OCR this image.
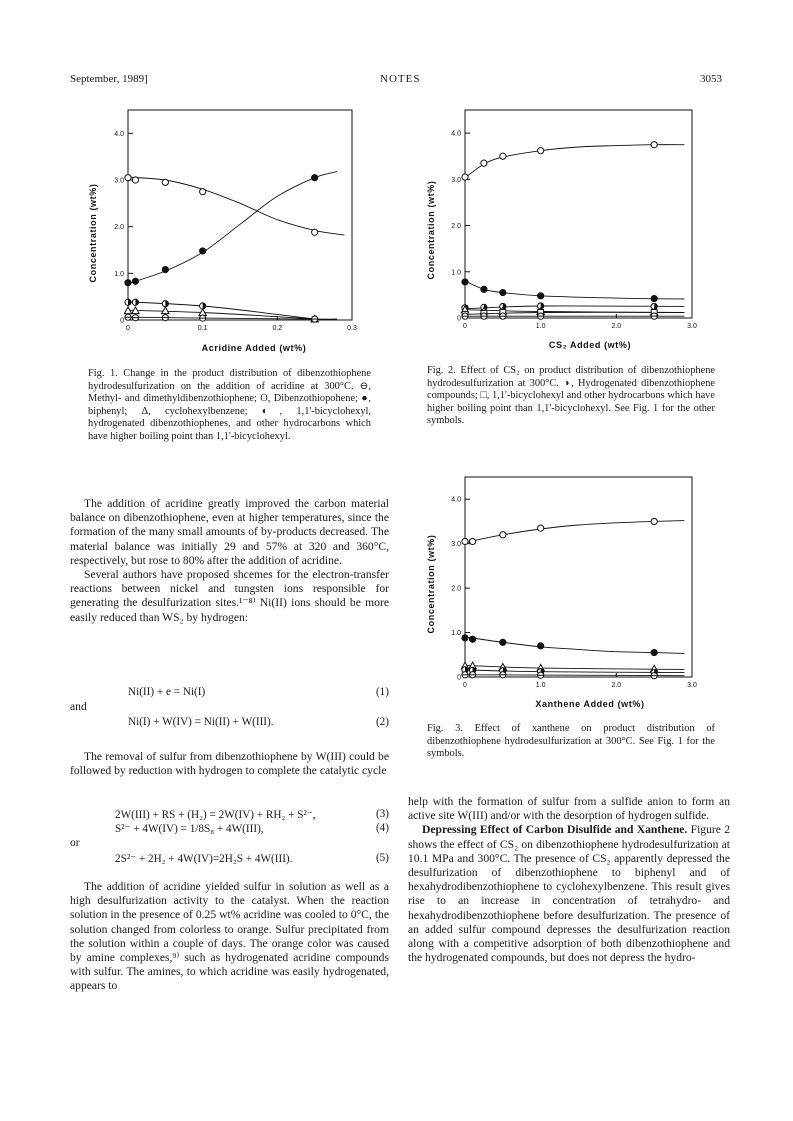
September, 1989]	NOTES	3053
0
1.0
2.0
3.0
4.0
0	0.1	0.2	0.3
Acridine Added (wt%)
Concentration (wt%)
Fig. 1. Change in the product distribution of dibenzothiophene hydrodesulfurization on the addition of acridine at 300°C. ⊖, Methyl- and dimethyldibenzothiophene; O, Dibenzothiopohene; ●, biphenyl; Δ, cyclohexylbenzene; ◐, 1,1'-bicyclohexyl, hydrogenated dibenzothiophenes, and other hydrocarbons which have higher boiling point than 1,1'-bicyclohexyl.
0
1.0
2.0
3.0
4.0
0	1.0	2.0	3.0
CS₂ Added (wt%)
Concentration (wt%)
Fig. 2. Effect of CS₂ on product distribution of dibenzothiophene hydrodesulfurization at 300°C. ◑, Hydrogenated dibenzothiophene compounds; □, 1,1'-bicyclohexyl and other hydrocarbons which have higher boiling point than 1,1'-bicyclohexyl. See Fig. 1 for the other symbols.
0
1.0
2.0
3.0
4.0
0	1.0	2.0	3.0
Xanthene Added (wt%)
Concentration (wt%)
Fig. 3. Effect of xanthene on product distribution of dibenzothiophene hydrodesulfurization at 300°C. See Fig. 1 for the symbols.

The addition of acridine greatly improved the carbon material balance on dibenzothiophene, even at higher temperatures, since the formation of the many small amounts of by-products decreased. The material balance was initially 29 and 57% at 320 and 360°C, respectively, but rose to 80% after the addition of acridine.

Several authors have proposed shcemes for the electron-transfer reactions between nickel and tungsten ions responsible for generating the desulfurization sites.¹⁻⁸⁾ Ni(II) ions should be more easily reduced than WS₂ by hydrogen:

Ni(II) + e = Ni(I)	(1)
and
Ni(I) + W(IV) = Ni(II) + W(III).	(2)

The removal of sulfur from dibenzothiophene by W(III) could be followed by reduction with hydrogen to complete the catalytic cycle

2W(III) + RS + (H₂) = 2W(IV) + RH₂ + S²⁻,	(3)
S²⁻ + 4W(IV) = 1/8S₈ + 4W(III),	(4)
or
2S²⁻ + 2H₂ + 4W(IV)=2H₂S + 4W(III).	(5)

The addition of acridine yielded sulfur in solution as well as a high desulfurization activity to the catalyst. When the reaction solution in the presence of 0.25 wt% acridine was cooled to 0°C, the solution changed from colorless to orange. Sulfur precipitated from the solution within a couple of days. The orange color was caused by amine complexes,⁹⁾ such as hydrogenated acridine compounds with sulfur. The amines, to which acridine was easily hydrogenated, appears to

help with the formation of sulfur from a sulfide anion to form an active site W(III) and/or with the desorption of hydrogen sulfide.

Depressing Effect of Carbon Disulfide and Xanthene. Figure 2 shows the effect of CS₂ on dibenzothiophene hydrodesulfurization at 10.1 MPa and 300°C. The presence of CS₂ apparently depressed the desulfurization of dibenzothiophene to biphenyl and of hexahydrodibenzothiophene to cyclohexylbenzene. This result gives rise to an increase in concentration of tetrahydro- and hexahydrodibenzothiophene before desulfurization. The presence of an added sulfur compound depresses the desulfurization reaction along with a competitive adsorption of both dibenzothiophene and the hydrogenated compounds, but does not depress the hydro-
